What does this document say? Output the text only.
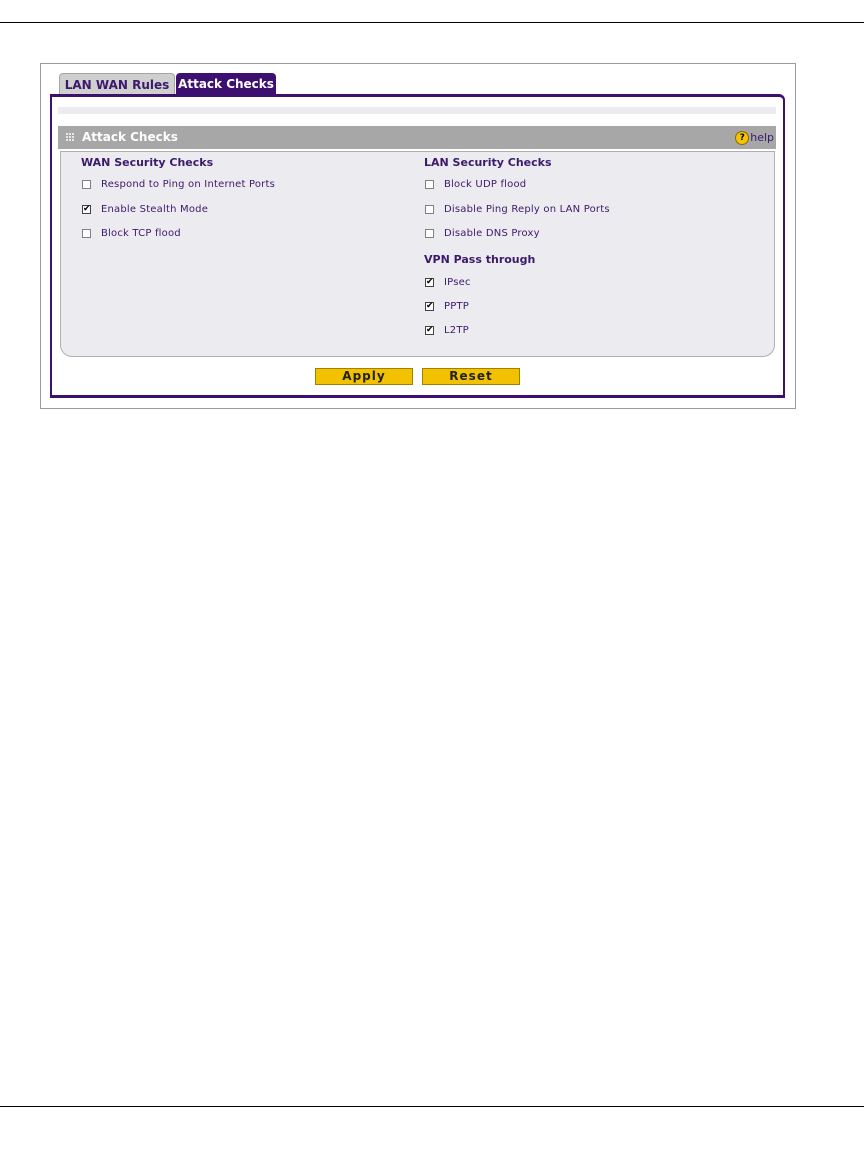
LAN WAN Rules Attack Checks
Attack Checks	? help
WAN Security Checks
Respond to Ping on Internet Ports
✔ Enable Stealth Mode
Block TCP flood
LAN Security Checks
Block UDP flood
Disable Ping Reply on LAN Ports
Disable DNS Proxy
VPN Pass through
✔ IPsec
✔ PPTP
✔ L2TP
Apply	Reset
